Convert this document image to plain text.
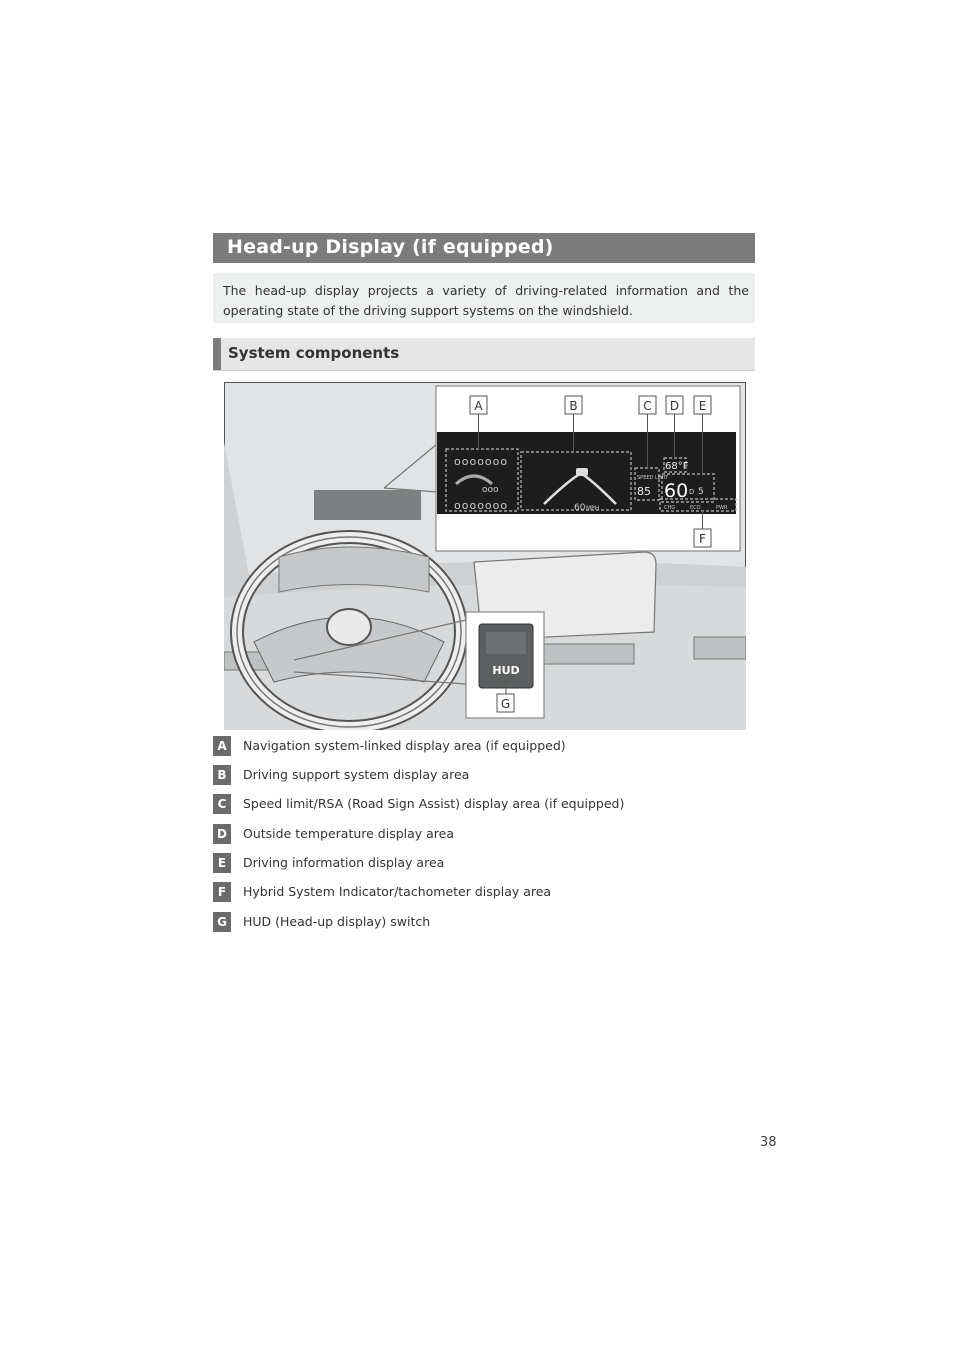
Head-up Display (if equipped)

The head-up display projects a variety of driving-related information and the operating state of the driving support systems on the windshield.

System components
ooooooo
ooo
ooooooo	60 MPH
SPEED LIMIT
85
68°F
60 D 5
CHG	ECO	PWR
A	B	C D E
F
HUD
G
A	Navigation system-linked display area (if equipped)
B	Driving support system display area
C	Speed limit/RSA (Road Sign Assist) display area (if equipped)
D	Outside temperature display area
E	Driving information display area
F	Hybrid System Indicator/tachometer display area
G	HUD (Head-up display) switch
38
